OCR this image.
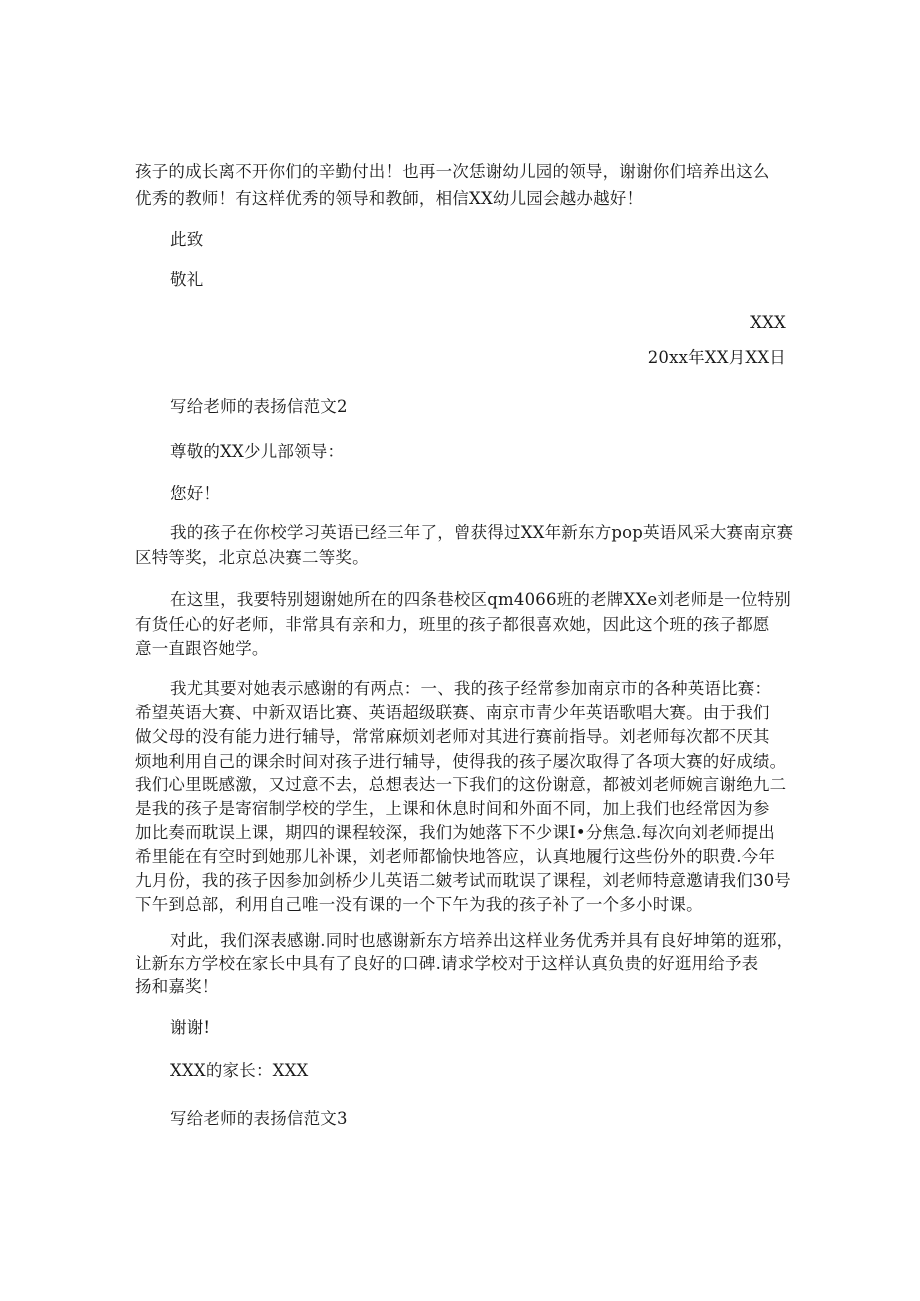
孩子的成长离不开你们的辛勤付出！也再一次恁谢幼儿园的领导，谢谢你们培养出这么
优秀的教师！有这样优秀的领导和教師，相信XX幼儿园会越办越好！
此致
敬礼
XXX
20xx年XX月XX日
写给老师的表扬信范文2
尊敬的XX少儿部领导：
您好！
我的孩子在你校学习英语已经三年了，曾获得过XX年新东方pop英语风采大赛南京赛
区特等奖，北京总决赛二等奖。
在这里，我要特别翅谢她所在的四条巷校区qm4066班的老牌XXe刘老师是一位特别
有货任心的好老师，非常具有亲和力，班里的孩子都很喜欢她，因此这个班的孩子都愿
意一直跟咨她学。
我尤其要对她表示感谢的有两点：一、我的孩子经常参加南京市的各种英语比赛：
希望英语大赛、中新双语比赛、英语超级联赛、南京市青少年英语歌唱大赛。由于我们
做父母的没有能力进行辅导，常常麻烦刘老师对其进行赛前指导。刘老师每次都不厌其
烦地利用自己的课余时间对孩子进行辅导，使得我的孩子屡次取得了各项大赛的好成绩。
我们心里既感激，又过意不去，总想表达一下我们的这份谢意，都被刘老师婉言谢绝九二
是我的孩子是寄宿制学校的学生，上课和休息时间和外面不同，加上我们也经常因为参
加比奏而耽误上课，期四的课程较深，我们为她落下不少课I•分焦急.每次向刘老师提出
希里能在有空时到她那儿补课，刘老师都愉快地答应，认真地履行这些份外的职费.今年
九月份，我的孩子因参加剑桥少儿英语二皴考试而耽误了课程，刘老师特意邀请我们30号
下午到总部，利用自己唯一没有课的一个下午为我的孩子补了一个多小时课。
对此，我们深表感谢.同时也感谢新东方培养出这样业务优秀并具有良好坤第的逛邪，
让新东方学校在家长中具有了良好的口碑.请求学校对于这样认真负贵的好逛用给予表
扬和嘉奖！
谢谢!
XXX的家长：XXX
写给老师的表扬信范文3
